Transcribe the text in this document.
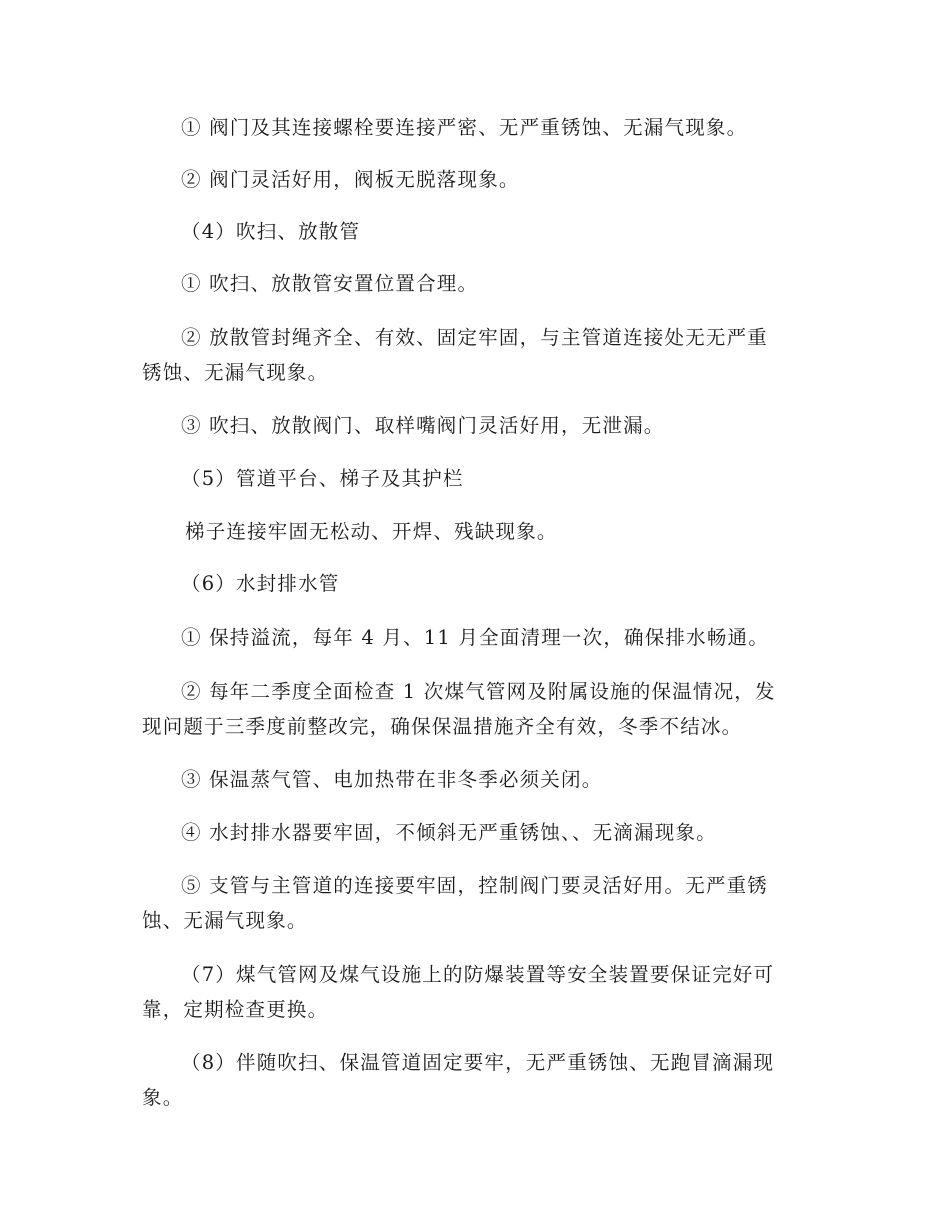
① 阀门及其连接螺栓要连接严密、无严重锈蚀、无漏气现象。
② 阀门灵活好用，阀板无脱落现象。
（4）吹扫、放散管
① 吹扫、放散管安置位置合理。
② 放散管封绳齐全、有效、固定牢固，与主管道连接处无无严重
锈蚀、无漏气现象。
③ 吹扫、放散阀门、取样嘴阀门灵活好用，无泄漏。
（5）管道平台、梯子及其护栏
梯子连接牢固无松动、开焊、残缺现象。
（6）水封排水管
① 保持溢流，每年 4 月、11 月全面清理一次，确保排水畅通。
② 每年二季度全面检查 1 次煤气管网及附属设施的保温情况，发
现问题于三季度前整改完，确保保温措施齐全有效，冬季不结冰。
③ 保温蒸气管、电加热带在非冬季必须关闭。
④ 水封排水器要牢固，不倾斜无严重锈蚀、、无滴漏现象。
⑤ 支管与主管道的连接要牢固，控制阀门要灵活好用。无严重锈
蚀、无漏气现象。
（7）煤气管网及煤气设施上的防爆装置等安全装置要保证完好可
靠，定期检查更换。
（8）伴随吹扫、保温管道固定要牢，无严重锈蚀、无跑冒滴漏现
象。
